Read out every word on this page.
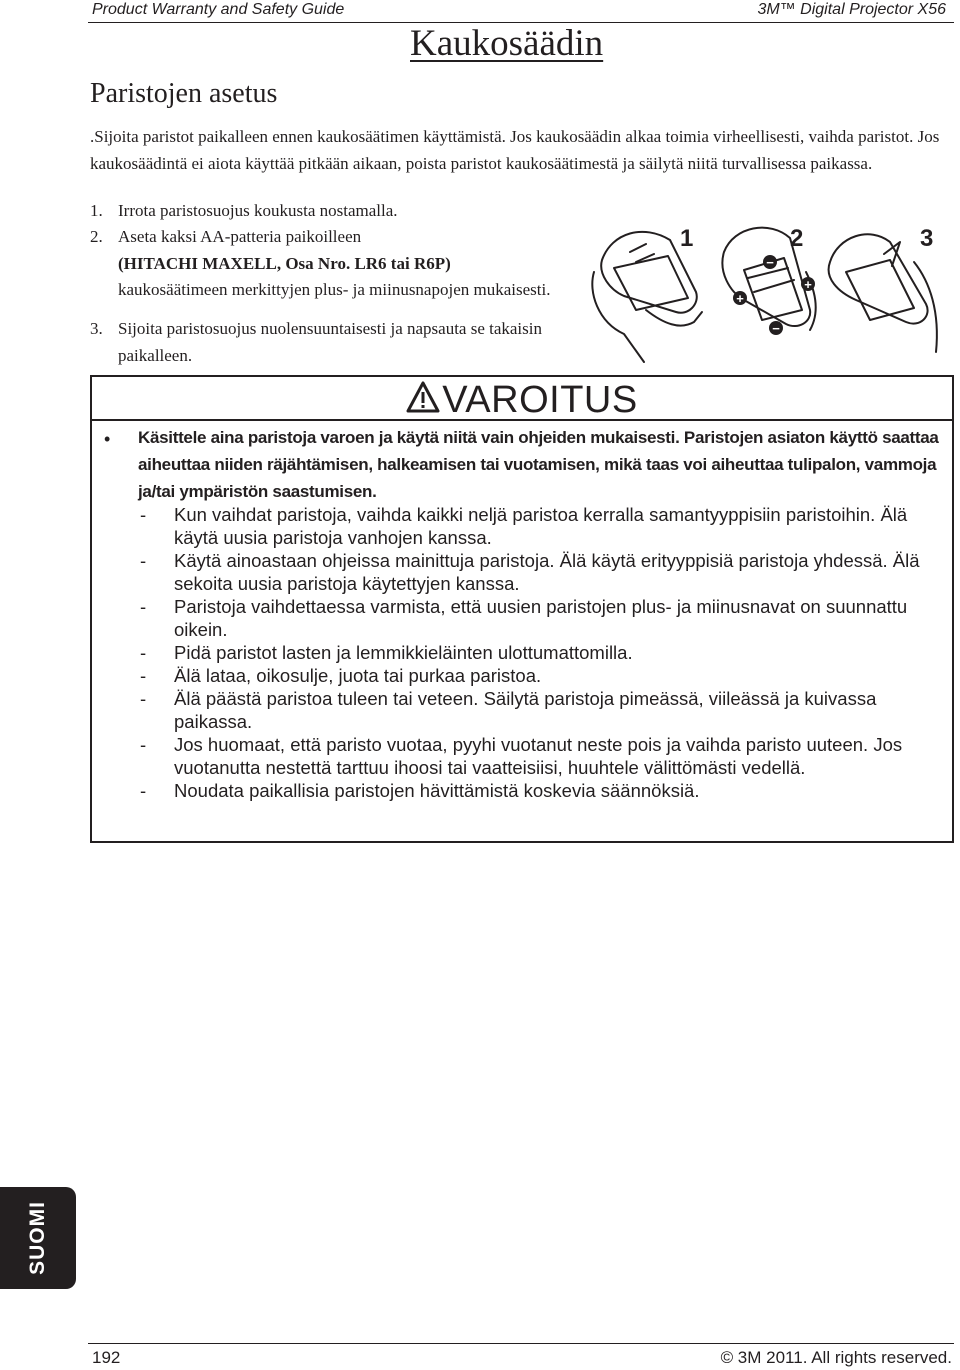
Product Warranty and Safety Guide	3M™ Digital Projector X56
Kaukosäädin
Paristojen asetus
.Sijoita paristot paikalleen ennen kaukosäätimen käyttämistä. Jos kaukosäädin alkaa toimia virheellisesti, vaihda paristot. Jos kaukosäädintä ei aiota käyttää pitkään aikaan, poista paristot kaukosäätimestä ja säilytä niitä turvallisessa paikassa.
1. Irrota paristosuojus koukusta nostamalla.
2. Aseta kaksi AA-patteria paikoilleen
(HITACHI MAXELL, Osa Nro. LR6 tai R6P)
kaukosäätimeen merkittyjen plus- ja miinusnapojen mukaisesti.
3. Sijoita paristosuojus nuolensuuntaisesti ja napsauta se takaisin paikalleen.
−
+
+
−
1	2	3
VAROITUS
• Käsittele aina paristoja varoen ja käytä niitä vain ohjeiden mukaisesti. Paristojen asiaton käyttö saattaa aiheuttaa niiden räjähtämisen, halkeamisen tai vuotamisen, mikä taas voi aiheuttaa tulipalon, vammoja ja/tai ympäristön saastumisen.
- Kun vaihdat paristoja, vaihda kaikki neljä paristoa kerralla samantyyppisiin paristoihin. Älä käytä uusia paristoja vanhojen kanssa.
- Käytä ainoastaan ohjeissa mainittuja paristoja. Älä käytä erityyppisiä paristoja yhdessä. Älä sekoita uusia paristoja käytettyjen kanssa.
- Paristoja vaihdettaessa varmista, että uusien paristojen plus- ja miinusnavat on suunnattu oikein.
- Pidä paristot lasten ja lemmikkieläinten ulottumattomilla.
- Älä lataa, oikosulje, juota tai purkaa paristoa.
- Älä päästä paristoa tuleen tai veteen. Säilytä paristoja pimeässä, viileässä ja kuivassa paikassa.
- Jos huomaat, että paristo vuotaa, pyyhi vuotanut neste pois ja vaihda paristo uuteen. Jos vuotanutta nestettä tarttuu ihoosi tai vaatteisiisi, huuhtele välittömästi vedellä.
- Noudata paikallisia paristojen hävittämistä koskevia säännöksiä.
SUOMI
192	© 3M 2011. All rights reserved.
